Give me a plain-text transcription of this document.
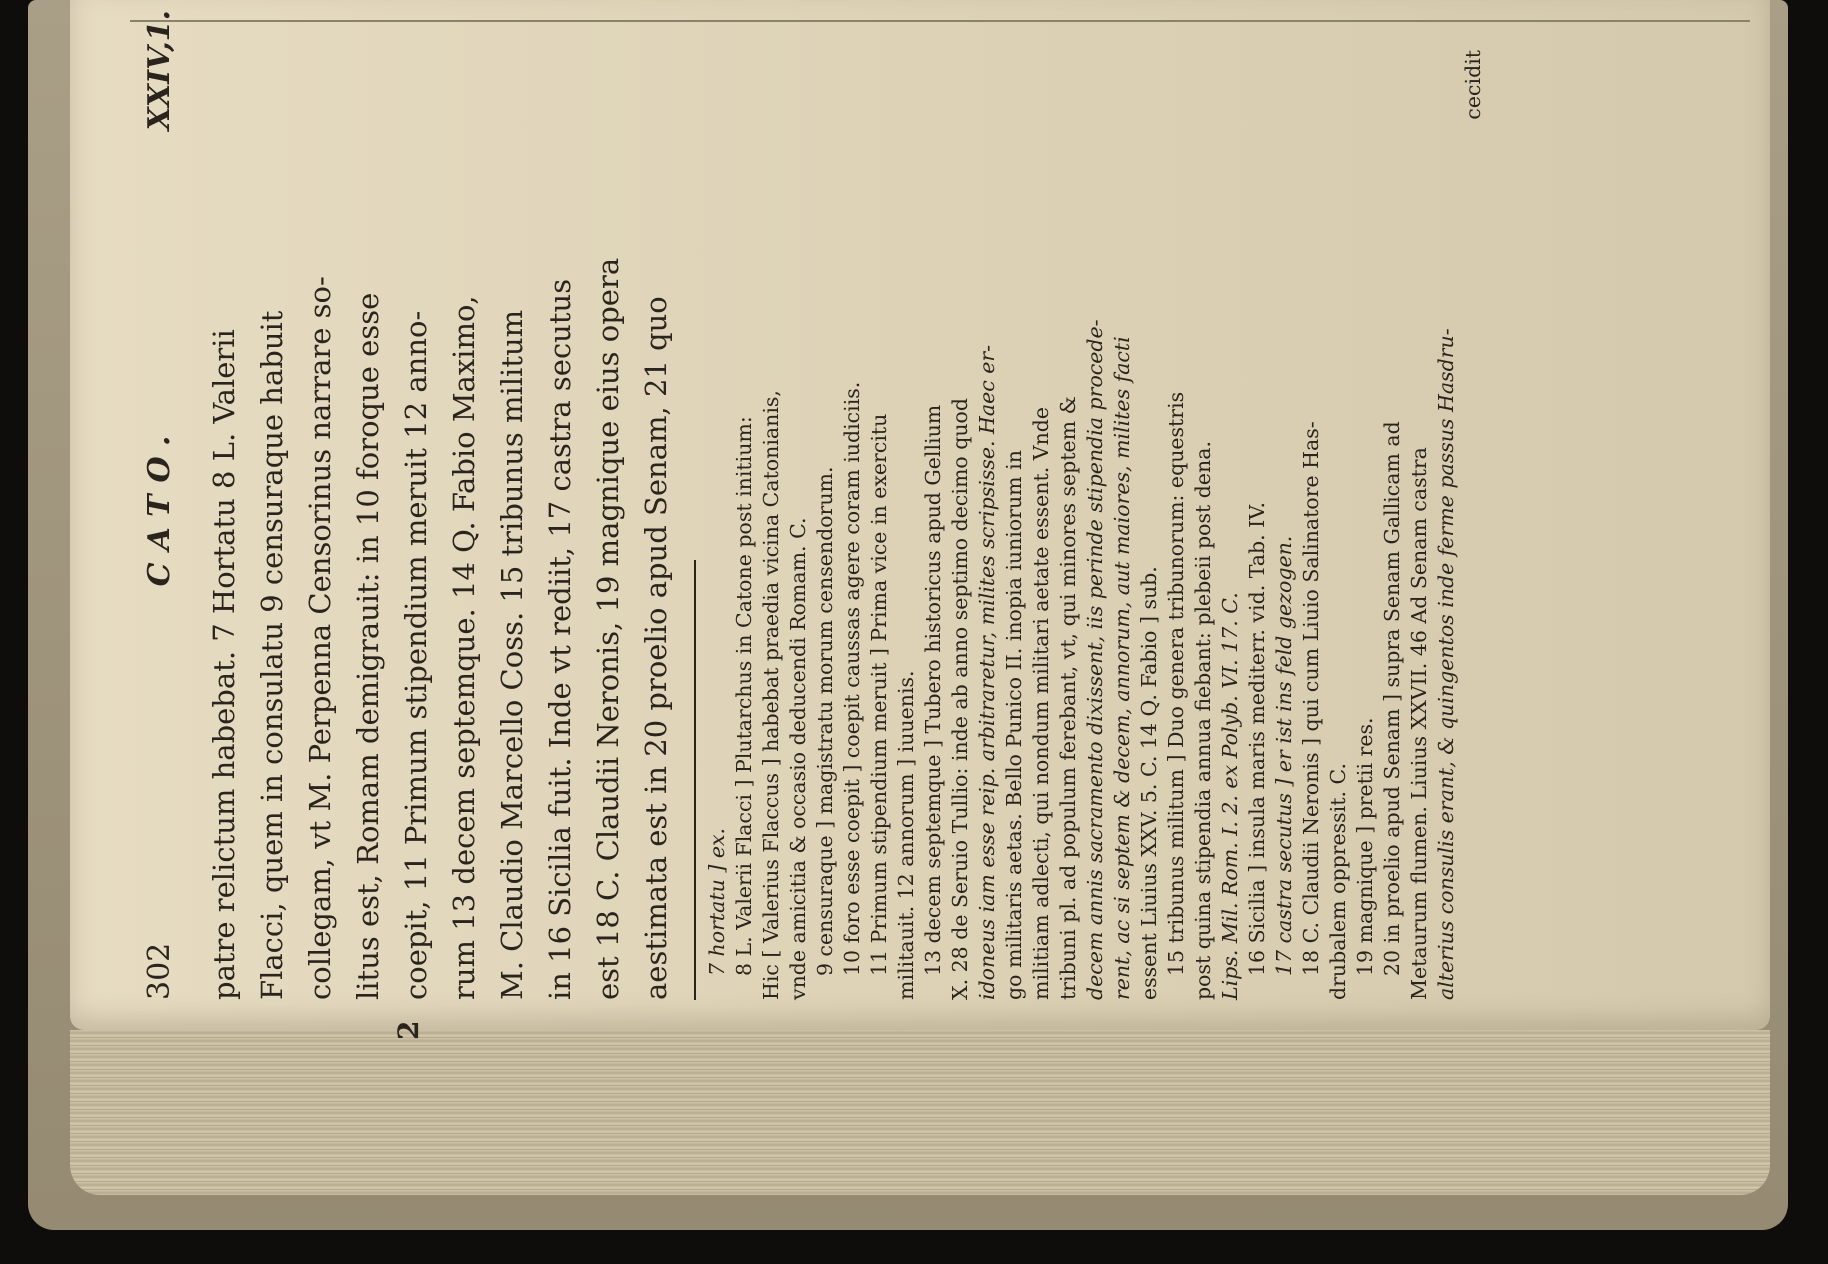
302
CATO.
XXIV,1.
2
patre relictum habebat. 7 Hortatu 8 L. Valerii Flacci, quem in consulatu 9 censuraque habuit collegam, vt M. Perpenna Censorinus narrare so- litus est, Romam demigrauit: in 10 foroque esse coepit, 11 Primum stipendium meruit 12 anno- rum 13 decem septemque. 14 Q. Fabio Maximo, M. Claudio Marcello Coss. 15 tribunus militum in 16 Sicilia fuit. Inde vt rediit, 17 castra secutus est 18 C. Claudii Neronis, 19 magnique eius opera aestimata est in 20 proelio apud Senam, 21 quo	7 hortatu ] ex. 8 L. Valerii Flacci ] Plutarchus in Catone post initium: Hic [ Valerius Flaccus ] habebat praedia vicina Catonianis, vnde amicitia & occasio deducendi Romam. C. 9 censuraque ] magistratu morum censendorum. 10 foro esse coepit ] coepit caussas agere coram iudiciis. 11 Primum stipendium meruit ] Prima vice in exercitu militauit. 12 annorum ] iuuenis. 13 decem septemque ] Tubero historicus apud Gellium X. 28 de Seruio Tullio: inde ab anno septimo decimo quod idoneus iam esse reip. arbitraretur, milites scripsisse. Haec er- go militaris aetas. Bello Punico II. inopia iuniorum in militiam adlecti, qui nondum militari aetate essent. Vnde tribuni pl. ad populum ferebant, vt, qui minores septem & decem annis sacramento dixissent, iis perinde stipendia procede- rent, ac si septem & decem, annorum, aut maiores, milites facti essent Liuius XXV. 5. C. 14 Q. Fabio ] sub. 15 tribunus militum ] Duo genera tribunorum: equestris post quina stipendia annua fiebant: plebeii post dena. Lips. Mil. Rom. I. 2. ex Polyb. VI. 17. C. 16 Sicilia ] insula maris mediterr. vid. Tab. IV. 17 castra secutus ] er ist ins feld gezogen. 18 C. Claudii Neronis ] qui cum Liuio Salinatore Has- drubalem oppressit. C. 19 magnique ] pretii res. 20 in proelio apud Senam ] supra Senam Gallicam ad Metaurum flumen. Liuius XXVII. 46 Ad Senam castra alterius consulis erant, & quingentos inde ferme passus Hasdru-
cecidit
